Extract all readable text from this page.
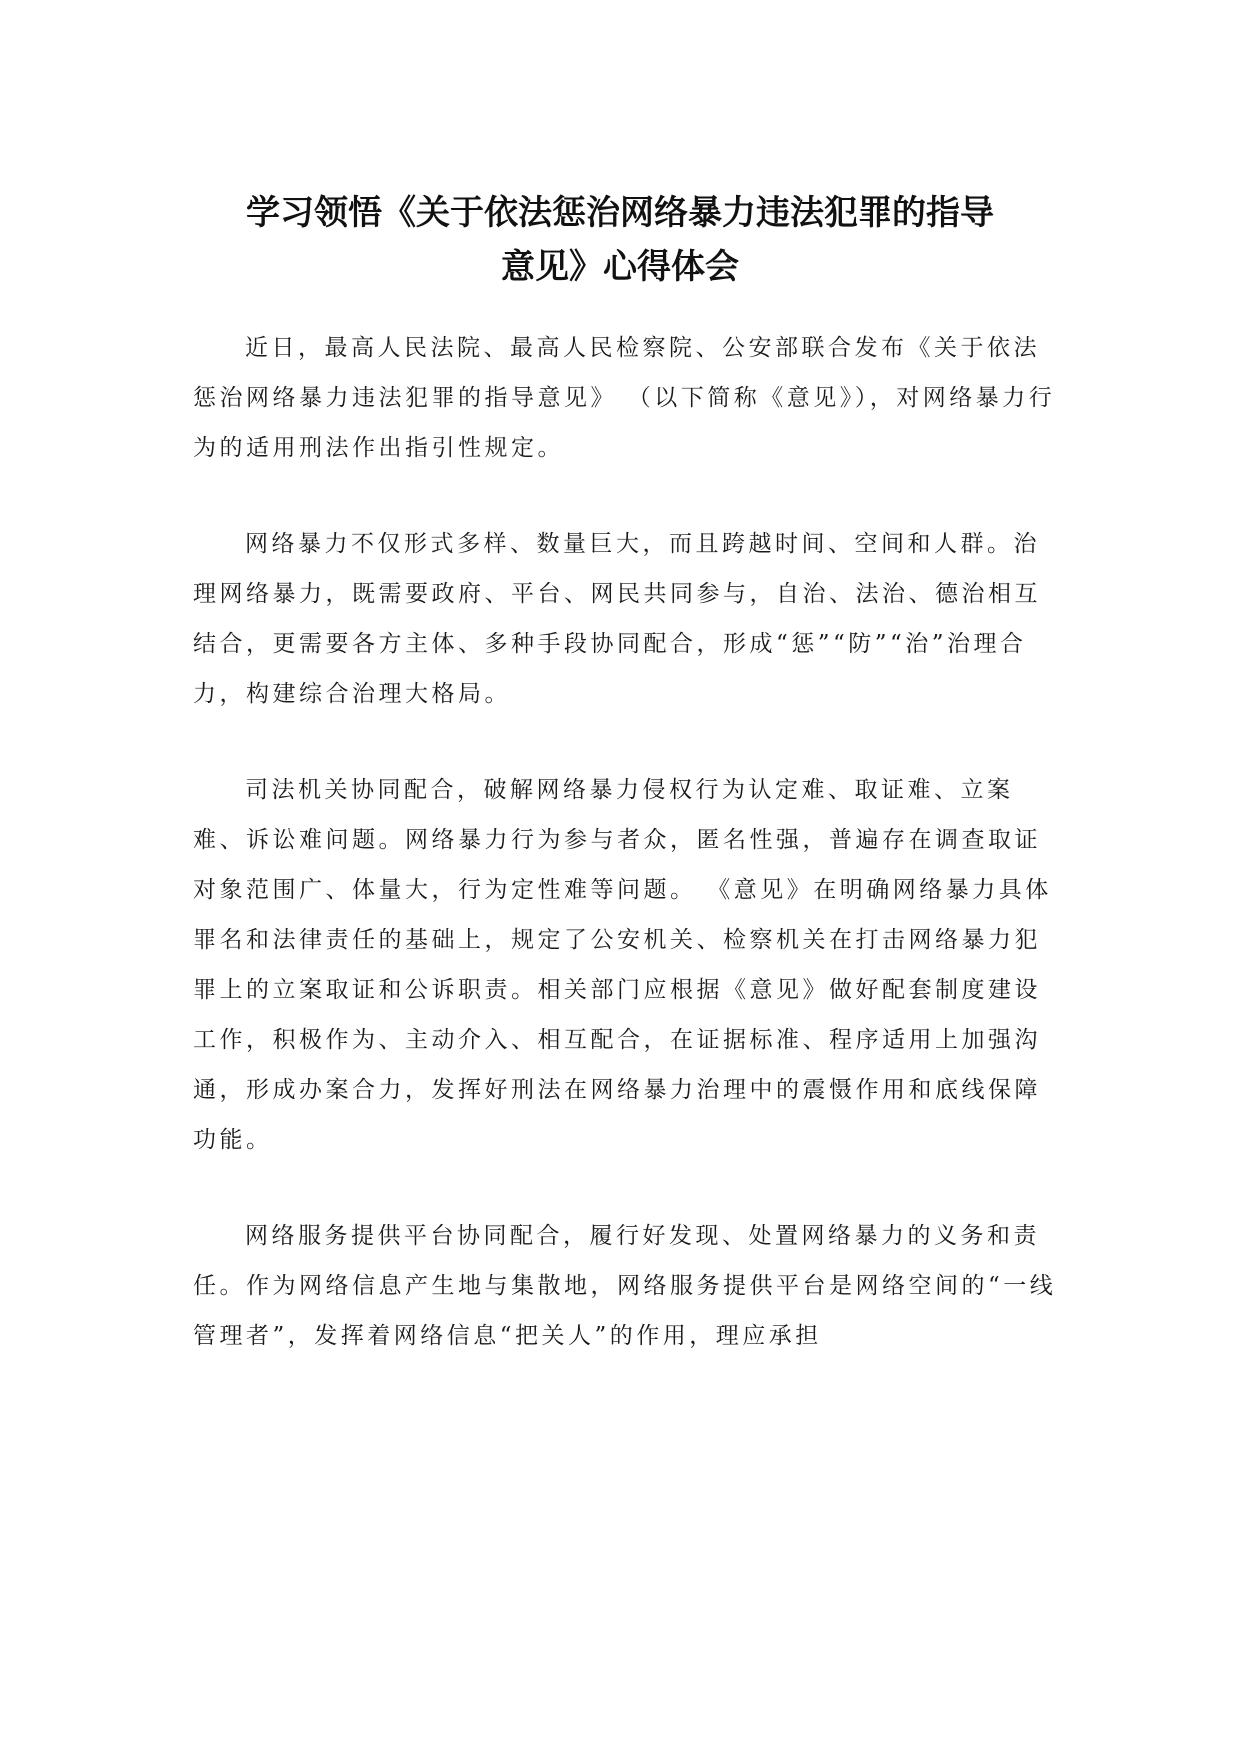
学习领悟《关于依法惩治网络暴力违法犯罪的指导
意见》心得体会

近日，最高人民法院、最高人民检察院、公安部联合发布《关于依法惩治网络暴力违法犯罪的指导意见》 （以下简称《意见》），对网络暴力行为的适用刑法作出指引性规定。

网络暴力不仅形式多样、数量巨大，而且跨越时间、空间和人群。治理网络暴力，既需要政府、平台、网民共同参与，自治、法治、德治相互结合，更需要各方主体、多种手段协同配合，形成“惩”“防”“治”治理合力，构建综合治理大格局。

司法机关协同配合，破解网络暴力侵权行为认定难、取证难、立案难、诉讼难问题。网络暴力行为参与者众，匿名性强，普遍存在调查取证对象范围广、体量大，行为定性难等问题。 《意见》在明确网络暴力具体罪名和法律责任的基础上，规定了公安机关、检察机关在打击网络暴力犯罪上的立案取证和公诉职责。相关部门应根据《意见》做好配套制度建设工作，积极作为、主动介入、相互配合，在证据标准、程序适用上加强沟通，形成办案合力，发挥好刑法在网络暴力治理中的震慑作用和底线保障功能。

网络服务提供平台协同配合，履行好发现、处置网络暴力的义务和责任。作为网络信息产生地与集散地，网络服务提供平台是网络空间的“一线管理者”，发挥着网络信息“把关人”的作用，理应承担
